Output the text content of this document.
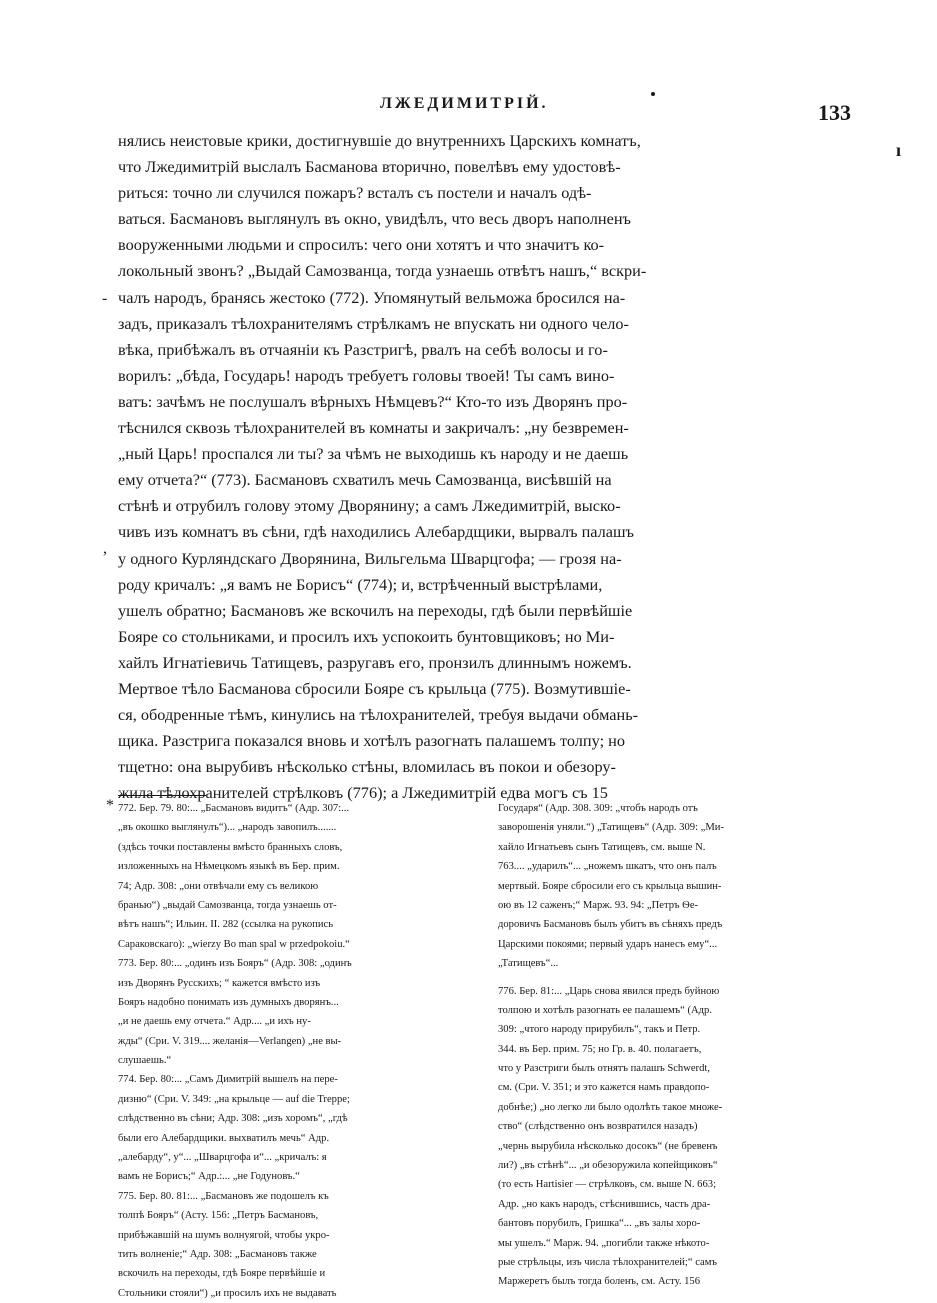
ЛЖЕДИМИТРІЙ.	133
ı
-
,
*
нялись неистовые крики, достигнувшіе до внутреннихъ Царскихъ комнатъ,
что Лжедимитрій выслалъ Басманова вторично, повелѣвъ ему удостовѣ-
риться: точно ли случился пожаръ? всталъ съ постели и началъ одѣ-
ваться. Басмановъ выглянулъ въ окно, увидѣлъ, что весь дворъ наполненъ
вооруженными людьми и спросилъ: чего они хотятъ и что значитъ ко-
локольный звонъ? „Выдай Самозванца, тогда узнаешь отвѣтъ нашъ,“ вскри-
чалъ народъ, бранясь жестоко (772). Упомянутый вельможа бросился на-
задъ, приказалъ тѣлохранителямъ стрѣлкамъ не впускать ни одного чело-
вѣка, прибѣжалъ въ отчаяніи къ Разстригѣ, рвалъ на себѣ волосы и го-
ворилъ: „бѣда, Государь! народъ требуетъ головы твоей! Ты самъ вино-
ватъ: зачѣмъ не послушалъ вѣрныхъ Нѣмцевъ?“ Кто-то изъ Дворянъ про-
тѣснился сквозь тѣлохранителей въ комнаты и закричалъ: „ну безвремен-
„ный Царь! проспался ли ты? за чѣмъ не выходишь къ народу и не даешь
ему отчета?“ (773). Басмановъ схватилъ мечь Самозванца, висѣвшій на
стѣнѣ и отрубилъ голову этому Дворянину; а самъ Лжедимитрій, выско-
чивъ изъ комнатъ въ сѣни, гдѣ находились Алебардщики, вырвалъ палашъ
у одного Курляндскаго Дворянина, Вильгельма Шварцгофа; — грозя на-
роду кричалъ: „я вамъ не Борисъ“ (774); и, встрѣченный выстрѣлами,
ушелъ обратно; Басмановъ же вскочилъ на переходы, гдѣ были первѣйшіе
Бояре со стольниками, и просилъ ихъ успокоить бунтовщиковъ; но Ми-
хайлъ Игнатіевичь Татищевъ, разругавъ его, пронзилъ длиннымъ ножемъ.
Мертвое тѣло Басманова сбросили Бояре съ крыльца (775). Возмутившіе-
ся, ободренные тѣмъ, кинулись на тѣлохранителей, требуя выдачи обмань-
щика. Разстрига показался вновь и хотѣлъ разогнать палашемъ толпу; но
тщетно: она вырубивъ нѣсколько стѣны, вломилась въ покои и обезору-
жила тѣлохранителей стрѣлковъ (776); а Лжедимитрій едва могъ съ 15
772. Бер. 79. 80:... „Басмановъ видитъ“ (Адр. 307:...
„въ окошко выглянулъ“)... „народъ завопилъ.......
(здѣсь точки поставлены вмѣсто бранныхъ словъ,
изложенныхъ на Нѣмецкомъ языкѣ въ Бер. прим.
74; Адр. 308: „они отвѣчали ему съ великою
бранью“) „выдай Самозванца, тогда узнаешь от-
вѣтъ нашъ“; Ильин. II. 282 (ссылка на рукопись
Сараковскаго): „wierzy Bo man spal w przedpokoiu.“
773. Бер. 80:... „одинъ изъ Бояръ“ (Адр. 308: „одинъ
изъ Дворянъ Русскихъ; “ кажется вмѣсто изъ
Бояръ надобно понимать изъ думныхъ дворянъ...
„и не даешь ему отчета.“ Адр.... „и ихъ ну-
жды“ (Сри. V. 319.... желанія—Verlangen) „не вы-
слушаешь.“
774. Бер. 80:... „Самъ Димитрій вышелъ на пере-
дизню“ (Сри. V. 349: „на крыльце — auf die Treppe;
слѣдственно въ сѣни; Адр. 308: „изъ хоромъ“, „гдѣ
были его Алебардщики. выхватилъ мечь“ Адр.
„алебарду“, у“... „Шварцгофа и“... „кричалъ: я
вамъ не Борисъ;“ Адр.:... „не Годуновъ.“
775. Бер. 80. 81:... „Басмановъ же подошелъ къ
толпѣ Бояръ“ (Асту. 156: „Петръ Басмановъ,
прибѣжавшій на шумъ волнуягой, чтобы укро-
тить волненіе;“ Адр. 308: „Басмановъ также
вскочилъ на переходы, гдѣ Бояре первѣйшіе и
Стольники стояли“) „и просилъ ихъ не выдавать
Государя“ (Адр. 308. 309: „чтобъ народъ отъ
заворошенія уняли.“) „Татищевъ“ (Адр. 309: „Ми-
хайло Игнатьевъ сынъ Татищевъ, см. выше N.
763.... „ударилъ“... „ножемъ шкатъ, что онъ палъ
мертвый. Бояре сбросили его съ крыльца вышин-
ою въ 12 саженъ;“ Марж. 93. 94: „Петръ Ѳе-
доровичъ Басмановъ былъ убитъ въ сѣняхъ предъ
Царскими покоями; первый ударъ нанесъ ему“...
„Татищевъ“...
776. Бер. 81:... „Царь снова явился предъ буйною
толпою и хотѣлъ разогнать ее палашемъ“ (Адр.
309: „чтого народу прирубилъ“, такъ и Петр.
344. въ Бер. прим. 75; но Гр. в. 40. полагаетъ,
что у Разстриги былъ отнятъ палашъ Schwerdt,
см. (Сри. V. 351; и это кажется намъ правдопо-
добнѣе;) „но легко ли было одолѣть такое множе-
ство“ (слѣдственно онъ возвратился назадъ)
„чернь вырубила нѣсколько досокъ“ (не бревенъ
ли?) „въ стѣнѣ“... „и обезоружила копейщиковъ“
(то есть Hartisier — стрѣлковъ, см. выше N. 663;
Адр. „но какъ народъ, стѣснившись, часть дра-
бантовъ порубилъ, Гришка“... „въ залы хоро-
мы ушелъ.“ Марж. 94. „погибли также нѣкото-
рые стрѣльцы, изъ числа тѣлохранителей;“ самъ
Маржеретъ былъ тогда боленъ, см. Асту. 156
